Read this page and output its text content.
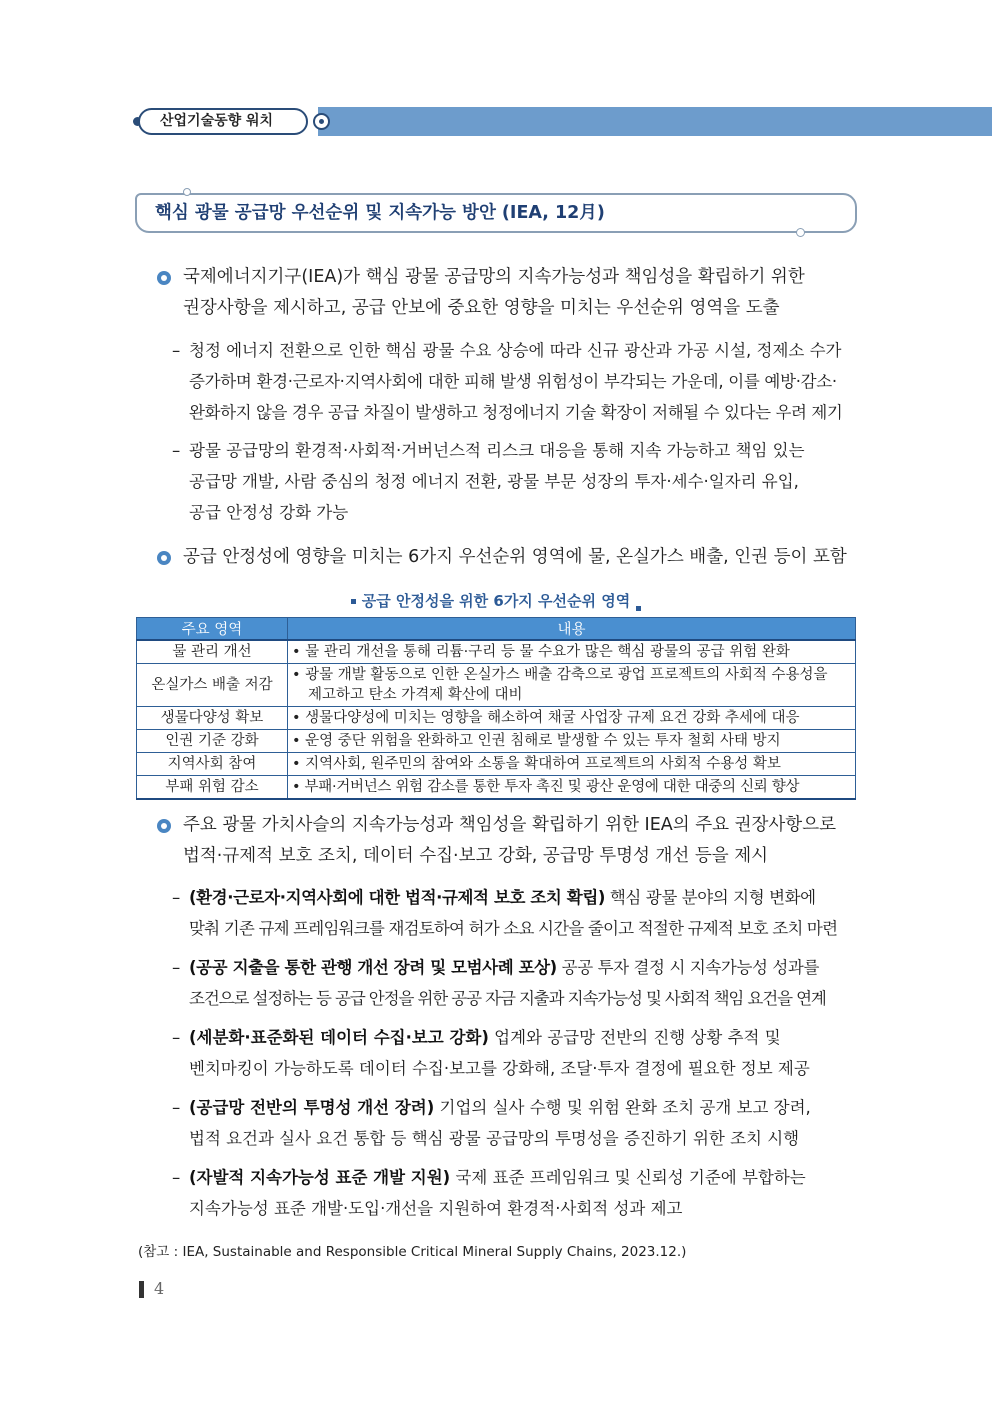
산업기술동향 워치
핵심 광물 공급망 우선순위 및 지속가능 방안 (IEA, 12月)
국제에너지기구(IEA)가 핵심 광물 공급망의 지속가능성과 책임성을 확립하기 위한
권장사항을 제시하고, 공급 안보에 중요한 영향을 미치는 우선순위 영역을 도출
– 청정 에너지 전환으로 인한 핵심 광물 수요 상승에 따라 신규 광산과 가공 시설, 정제소 수가
증가하며 환경·근로자·지역사회에 대한 피해 발생 위험성이 부각되는 가운데, 이를 예방·감소·
완화하지 않을 경우 공급 차질이 발생하고 청정에너지 기술 확장이 저해될 수 있다는 우려 제기
– 광물 공급망의 환경적·사회적·거버넌스적 리스크 대응을 통해 지속 가능하고 책임 있는
공급망 개발, 사람 중심의 청정 에너지 전환, 광물 부문 성장의 투자·세수·일자리 유입,
공급 안정성 강화 가능
공급 안정성에 영향을 미치는 6가지 우선순위 영역에 물, 온실가스 배출, 인권 등이 포함
공급 안정성을 위한 6가지 우선순위 영역
주요 영역	내용
물 관리 개선	• 물 관리 개선을 통해 리튬·구리 등 물 수요가 많은 핵심 광물의 공급 위험 완화
온실가스 배출 저감	• 광물 개발 활동으로 인한 온실가스 배출 감축으로 광업 프로젝트의 사회적 수용성을
제고하고 탄소 가격제 확산에 대비

생물다양성 확보	• 생물다양성에 미치는 영향을 해소하여 채굴 사업장 규제 요건 강화 추세에 대응
인권 기준 강화	• 운영 중단 위험을 완화하고 인권 침해로 발생할 수 있는 투자 철회 사태 방지
지역사회 참여	• 지역사회, 원주민의 참여와 소통을 확대하여 프로젝트의 사회적 수용성 확보
부패 위험 감소	• 부패·거버넌스 위험 감소를 통한 투자 촉진 및 광산 운영에 대한 대중의 신뢰 향상
주요 광물 가치사슬의 지속가능성과 책임성을 확립하기 위한 IEA의 주요 권장사항으로
법적·규제적 보호 조치, 데이터 수집·보고 강화, 공급망 투명성 개선 등을 제시
– (환경·근로자·지역사회에 대한 법적·규제적 보호 조치 확립) 핵심 광물 분야의 지형 변화에
맞춰 기존 규제 프레임워크를 재검토하여 허가 소요 시간을 줄이고 적절한 규제적 보호 조치 마련
– (공공 지출을 통한 관행 개선 장려 및 모범사례 포상) 공공 투자 결정 시 지속가능성 성과를
조건으로 설정하는 등 공급 안정을 위한 공공 자금 지출과 지속가능성 및 사회적 책임 요건을 연계
– (세분화·표준화된 데이터 수집·보고 강화) 업계와 공급망 전반의 진행 상황 추적 및
벤치마킹이 가능하도록 데이터 수집·보고를 강화해, 조달·투자 결정에 필요한 정보 제공
– (공급망 전반의 투명성 개선 장려) 기업의 실사 수행 및 위험 완화 조치 공개 보고 장려,
법적 요건과 실사 요건 통합 등 핵심 광물 공급망의 투명성을 증진하기 위한 조치 시행
– (자발적 지속가능성 표준 개발 지원) 국제 표준 프레임워크 및 신뢰성 기준에 부합하는
지속가능성 표준 개발·도입·개선을 지원하여 환경적·사회적 성과 제고
(참고 : IEA, Sustainable and Responsible Critical Mineral Supply Chains, 2023.12.)
4
